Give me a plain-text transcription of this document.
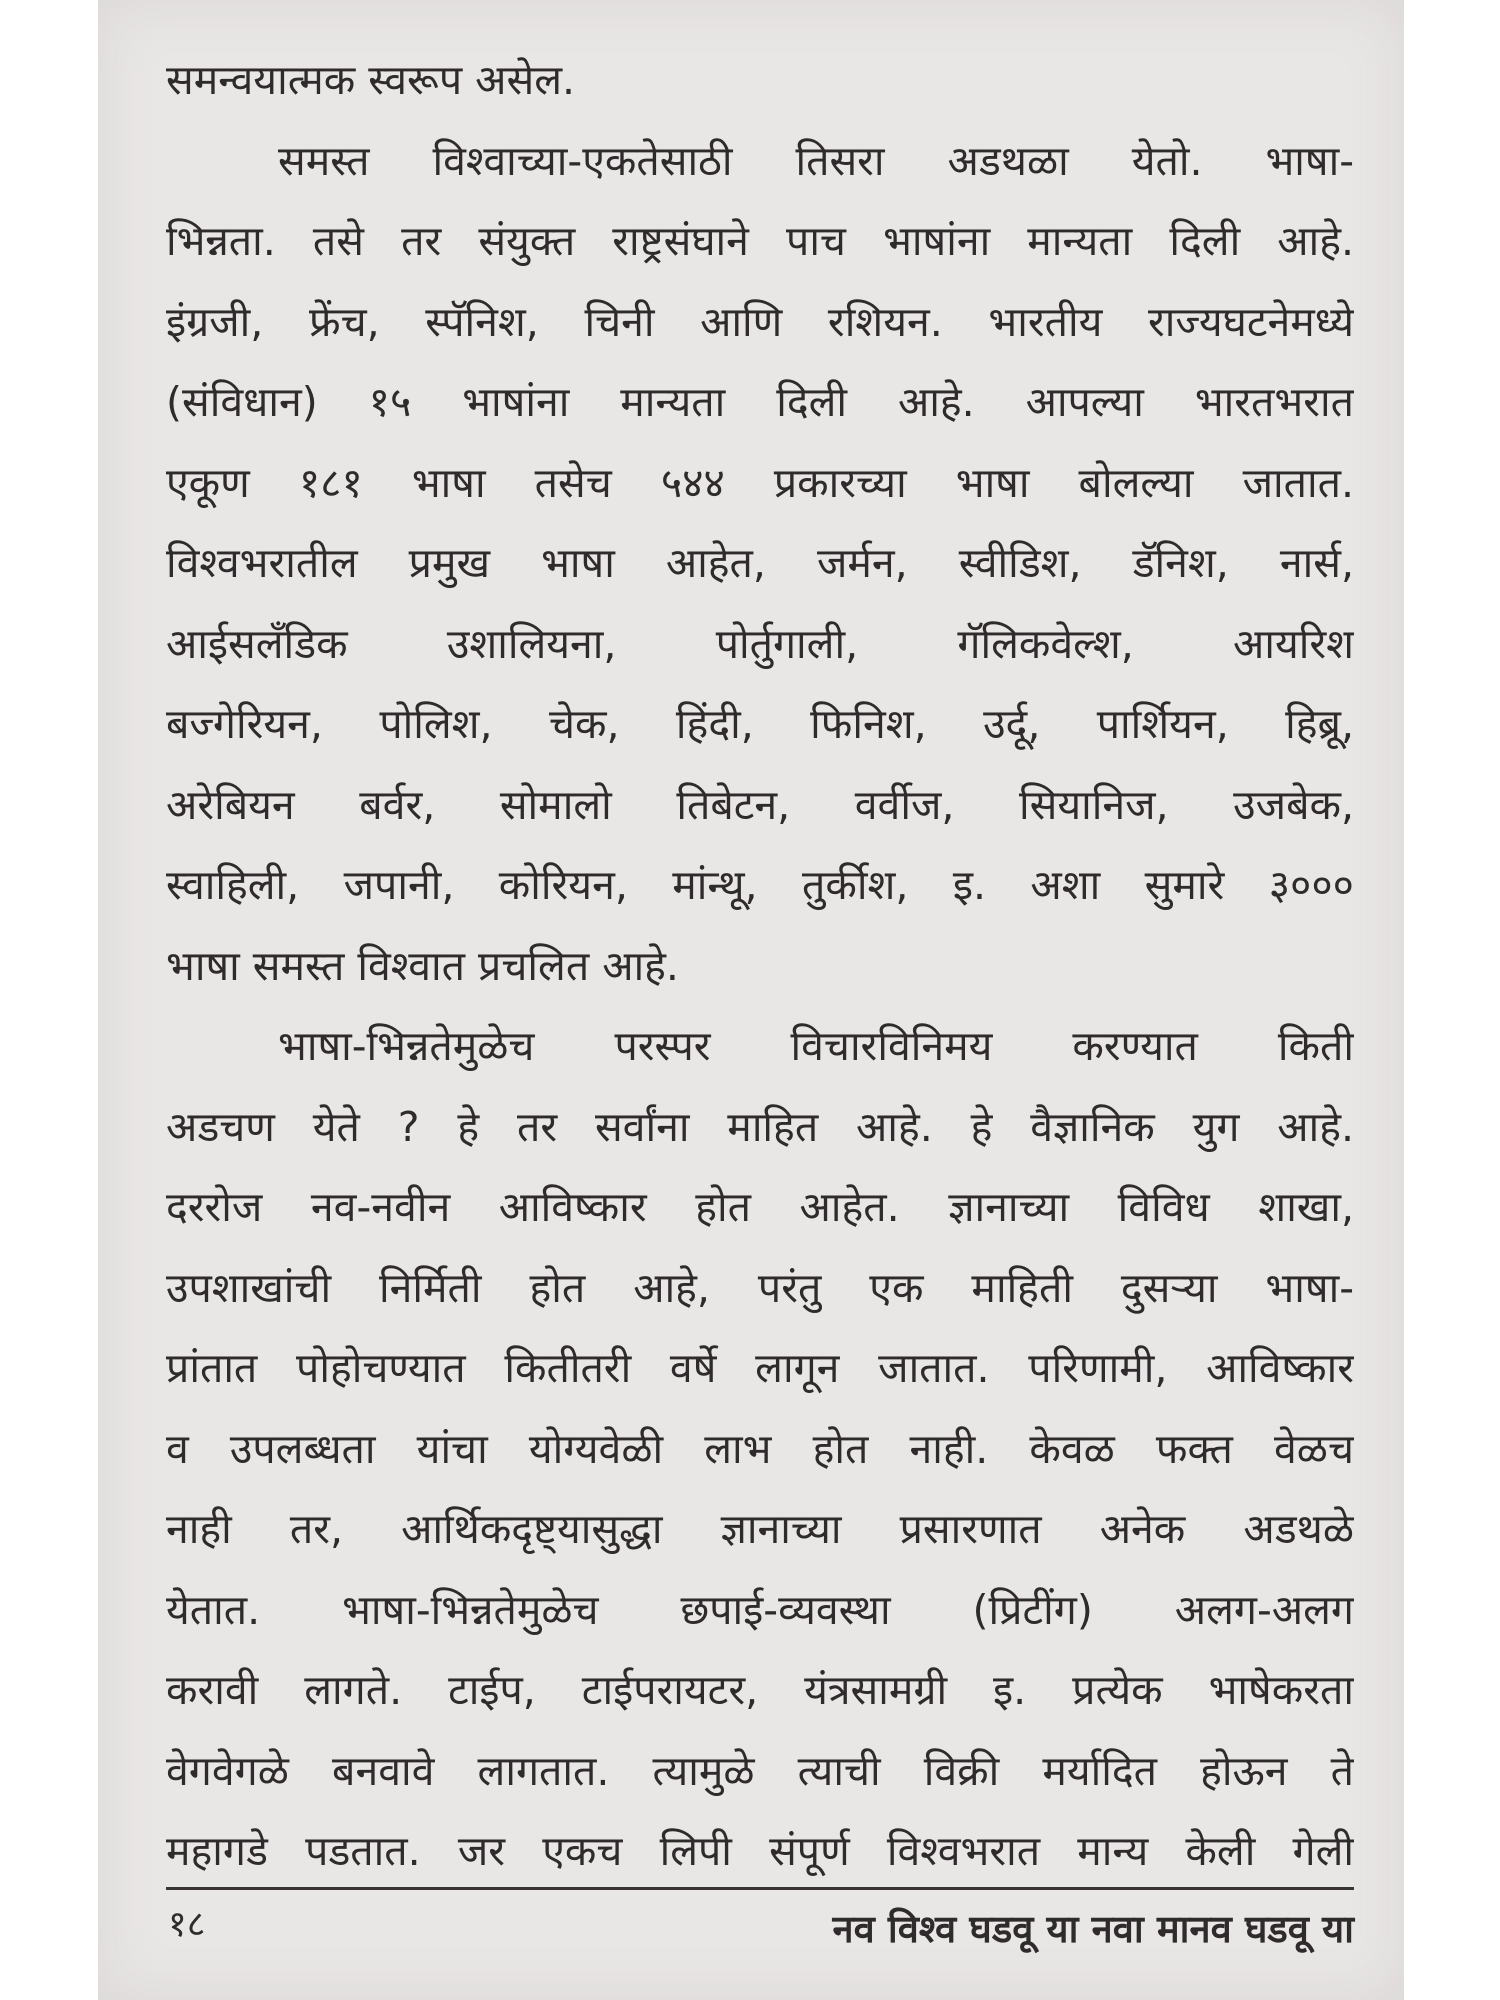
समन्वयात्मक स्वरूप असेल.
समस्त विश्वाच्या-एकतेसाठी तिसरा अडथळा येतो. भाषा-
भिन्नता. तसे तर संयुक्त राष्ट्रसंघाने पाच भाषांना मान्यता दिली आहे.
इंग्रजी, फ्रेंच, स्पॅनिश, चिनी आणि रशियन. भारतीय राज्यघटनेमध्ये
(संविधान) १५ भाषांना मान्यता दिली आहे. आपल्या भारतभरात
एकूण १८१ भाषा तसेच ५४४ प्रकारच्या भाषा बोलल्या जातात.
विश्वभरातील प्रमुख भाषा आहेत, जर्मन, स्वीडिश, डॅनिश, नार्स,
आईसलँडिक उशालियना, पोर्तुगाली, गॅलिकवेल्श, आयरिश
बज्गेरियन, पोलिश, चेक, हिंदी, फिनिश, उर्दू, पार्शियन, हिब्रू,
अरेबियन बर्वर, सोमालो तिबेटन, वर्वीज, सियानिज, उजबेक,
स्वाहिली, जपानी, कोरियन, मांन्थू, तुर्कीश, इ. अशा सुमारे ३०००
भाषा समस्त विश्वात प्रचलित आहे.
भाषा-भिन्नतेमुळेच परस्पर विचारविनिमय करण्यात किती
अडचण येते ? हे तर सर्वांना माहित आहे. हे वैज्ञानिक युग आहे.
दररोज नव-नवीन आविष्कार होत आहेत. ज्ञानाच्या विविध शाखा,
उपशाखांची निर्मिती होत आहे, परंतु एक माहिती दुसऱ्या भाषा-
प्रांतात पोहोचण्यात कितीतरी वर्षे लागून जातात. परिणामी, आविष्कार
व उपलब्धता यांचा योग्यवेळी लाभ होत नाही. केवळ फक्त वेळच
नाही तर, आर्थिकदृष्ट्यासुद्धा ज्ञानाच्या प्रसारणात अनेक अडथळे
येतात. भाषा-भिन्नतेमुळेच छपाई-व्यवस्था (प्रिटींग) अलग-अलग
करावी लागते. टाईप, टाईपरायटर, यंत्रसामग्री इ. प्रत्येक भाषेकरता
वेगवेगळे बनवावे लागतात. त्यामुळे त्याची विक्री मर्यादित होऊन ते
महागडे पडतात. जर एकच लिपी संपूर्ण विश्वभरात मान्य केली गेली
१८	नव विश्व घडवू या नवा मानव घडवू या
